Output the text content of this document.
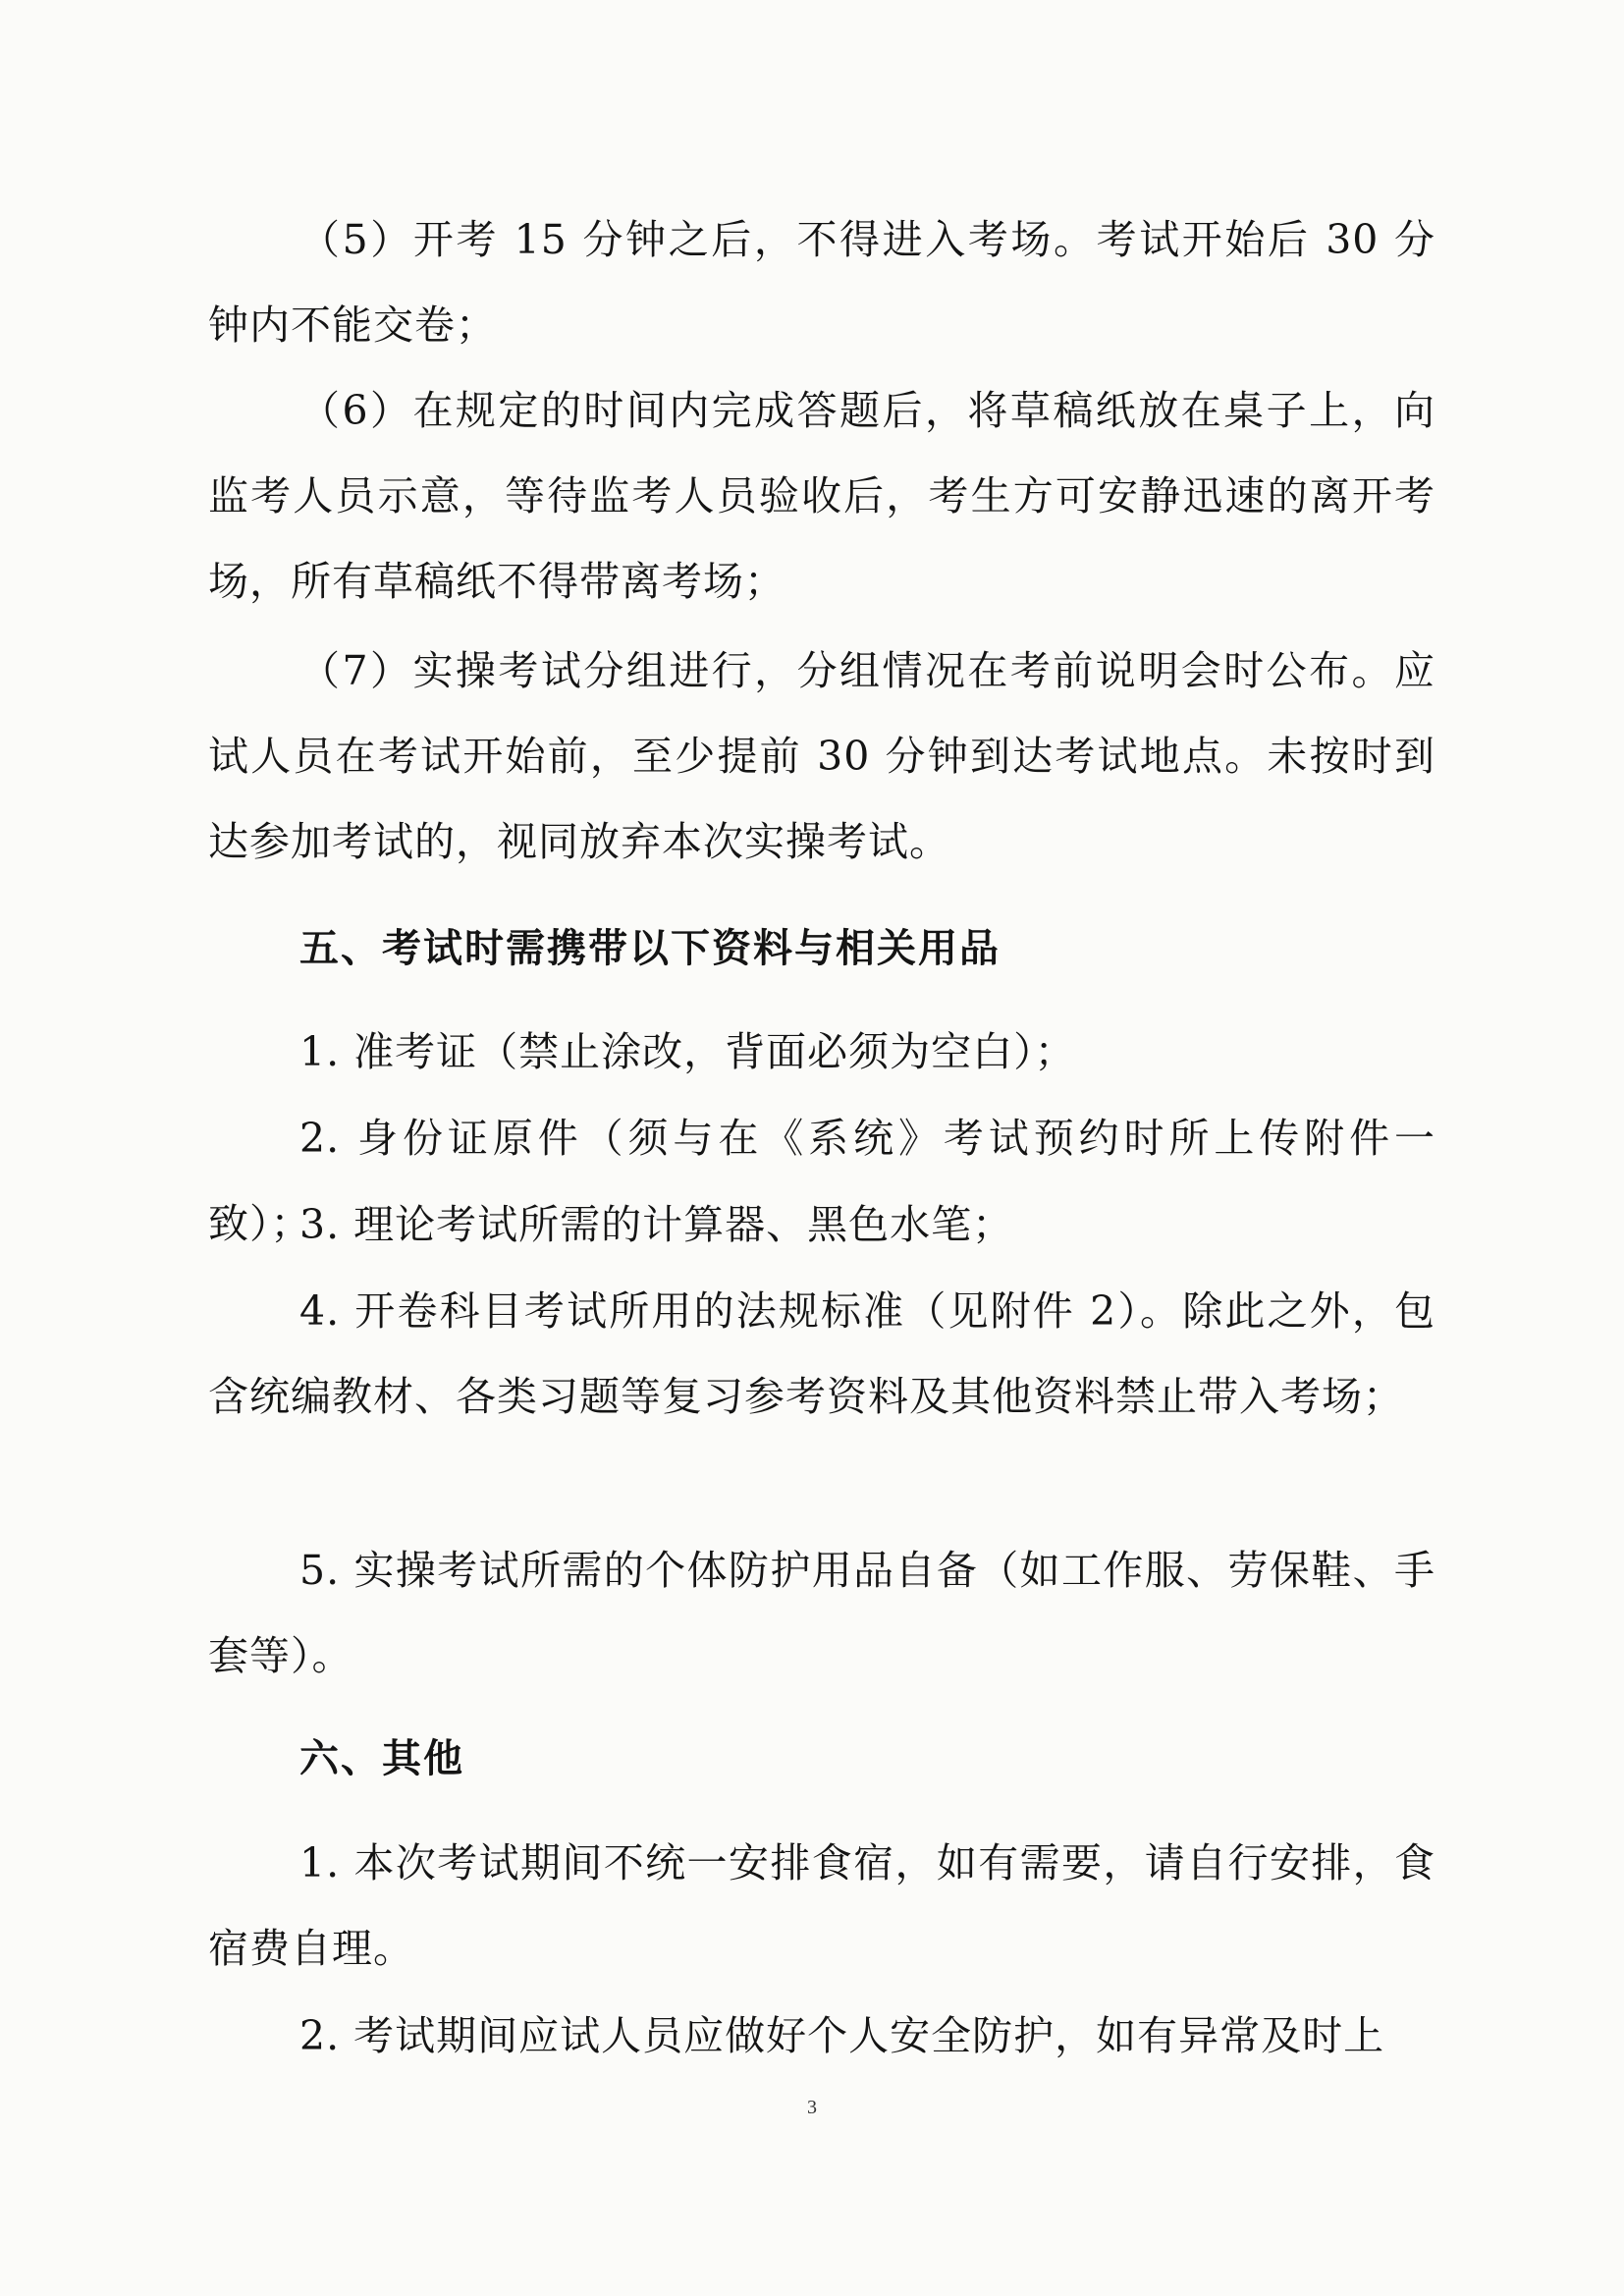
（5）开考 15 分钟之后，不得进入考场。考试开始后 30 分钟内不能交卷；

（6）在规定的时间内完成答题后，将草稿纸放在桌子上，向监考人员示意，等待监考人员验收后，考生方可安静迅速的离开考场，所有草稿纸不得带离考场；

（7）实操考试分组进行，分组情况在考前说明会时公布。应试人员在考试开始前，至少提前 30 分钟到达考试地点。未按时到达参加考试的，视同放弃本次实操考试。

五、考试时需携带以下资料与相关用品

1. 准考证（禁止涂改，背面必须为空白）；

2. 身份证原件（须与在《系统》考试预约时所上传附件一致）；

3. 理论考试所需的计算器、黑色水笔；

4. 开卷科目考试所用的法规标准（见附件 2）。除此之外，包含统编教材、各类习题等复习参考资料及其他资料禁止带入考场；

5. 实操考试所需的个体防护用品自备（如工作服、劳保鞋、手套等）。

六、其他

1. 本次考试期间不统一安排食宿，如有需要，请自行安排，食宿费自理。

2. 考试期间应试人员应做好个人安全防护，如有异常及时上

3
